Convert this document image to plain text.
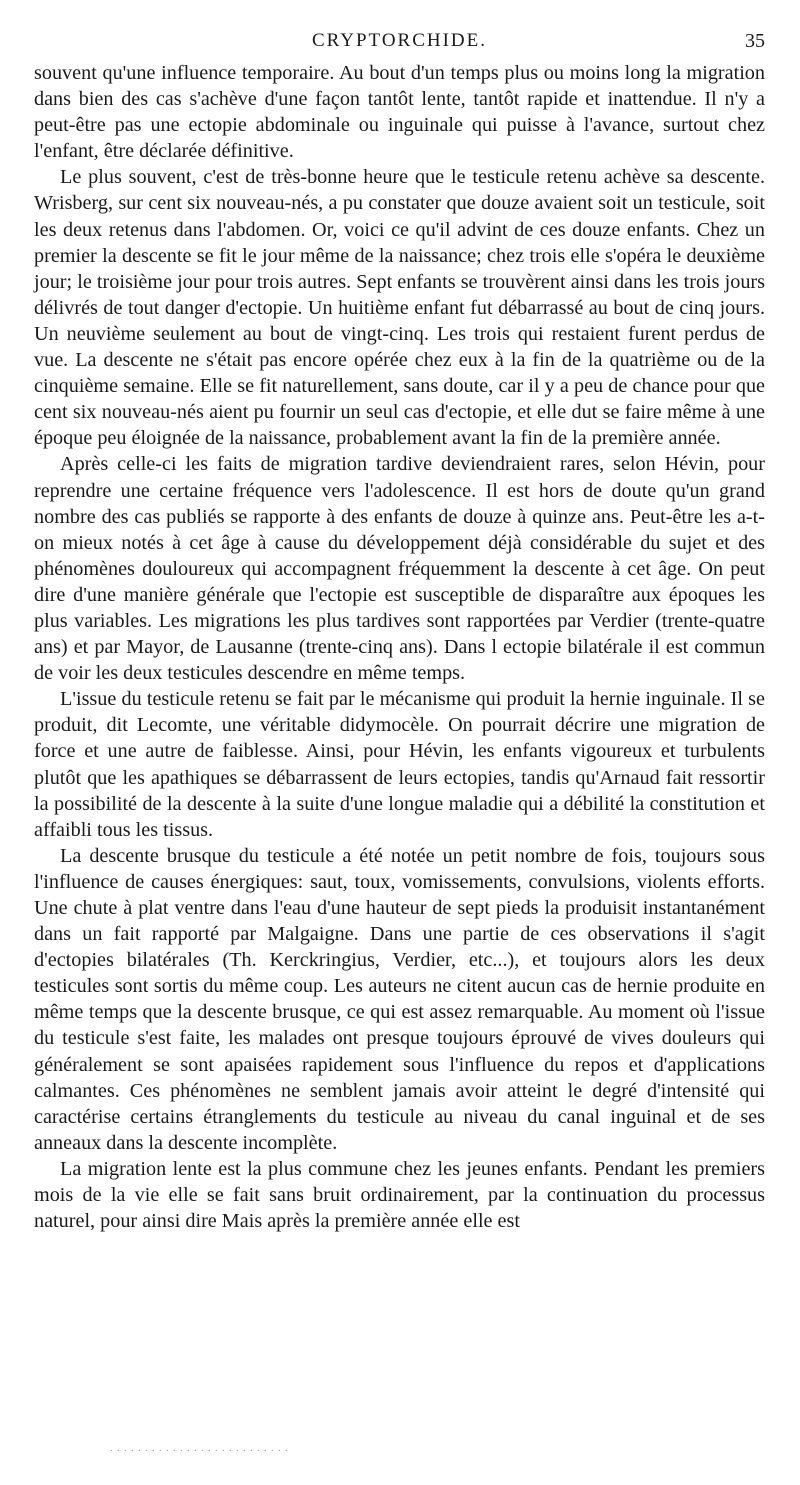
CRYPTORCHIDE.	35

souvent qu'une influence temporaire. Au bout d'un temps plus ou moins long la migration dans bien des cas s'achève d'une façon tantôt lente, tantôt rapide et inattendue. Il n'y a peut-être pas une ectopie abdominale ou inguinale qui puisse à l'avance, surtout chez l'enfant, être déclarée définitive.

Le plus souvent, c'est de très-bonne heure que le testicule retenu achève sa descente. Wrisberg, sur cent six nouveau-nés, a pu constater que douze avaient soit un testicule, soit les deux retenus dans l'abdomen. Or, voici ce qu'il advint de ces douze enfants. Chez un premier la descente se fit le jour même de la naissance; chez trois elle s'opéra le deuxième jour; le troisième jour pour trois autres. Sept enfants se trouvèrent ainsi dans les trois jours délivrés de tout danger d'ectopie. Un huitième enfant fut débarrassé au bout de cinq jours. Un neuvième seulement au bout de vingt-cinq. Les trois qui restaient furent perdus de vue. La descente ne s'était pas encore opérée chez eux à la fin de la quatrième ou de la cinquième semaine. Elle se fit naturellement, sans doute, car il y a peu de chance pour que cent six nouveau-nés aient pu fournir un seul cas d'ectopie, et elle dut se faire même à une époque peu éloignée de la naissance, probablement avant la fin de la première année.

Après celle-ci les faits de migration tardive deviendraient rares, selon Hévin, pour reprendre une certaine fréquence vers l'adolescence. Il est hors de doute qu'un grand nombre des cas publiés se rapporte à des enfants de douze à quinze ans. Peut-être les a-t-on mieux notés à cet âge à cause du développement déjà considérable du sujet et des phénomènes douloureux qui accompagnent fréquemment la descente à cet âge. On peut dire d'une manière générale que l'ectopie est susceptible de disparaître aux époques les plus variables. Les migrations les plus tardives sont rapportées par Verdier (trente-quatre ans) et par Mayor, de Lausanne (trente-cinq ans). Dans l ectopie bilatérale il est commun de voir les deux testicules descendre en même temps.

L'issue du testicule retenu se fait par le mécanisme qui produit la hernie inguinale. Il se produit, dit Lecomte, une véritable didymocèle. On pourrait décrire une migration de force et une autre de faiblesse. Ainsi, pour Hévin, les enfants vigoureux et turbulents plutôt que les apathiques se débarrassent de leurs ectopies, tandis qu'Arnaud fait ressortir la possibilité de la descente à la suite d'une longue maladie qui a débilité la constitution et affaibli tous les tissus.

La descente brusque du testicule a été notée un petit nombre de fois, toujours sous l'influence de causes énergiques: saut, toux, vomissements, convulsions, violents efforts. Une chute à plat ventre dans l'eau d'une hauteur de sept pieds la produisit instantanément dans un fait rapporté par Malgaigne. Dans une partie de ces observations il s'agit d'ectopies bilatérales (Th. Kerckringius, Verdier, etc...), et toujours alors les deux testicules sont sortis du même coup. Les auteurs ne citent aucun cas de hernie produite en même temps que la descente brusque, ce qui est assez remarquable. Au moment où l'issue du testicule s'est faite, les malades ont presque toujours éprouvé de vives douleurs qui généralement se sont apaisées rapidement sous l'influence du repos et d'applications calmantes. Ces phénomènes ne semblent jamais avoir atteint le degré d'intensité qui caractérise certains étranglements du testicule au niveau du canal inguinal et de ses anneaux dans la descente incomplète.

La migration lente est la plus commune chez les jeunes enfants. Pendant les premiers mois de la vie elle se fait sans bruit ordinairement, par la continuation du processus naturel, pour ainsi dire Mais après la première année elle est

. . . . . . . . . . . . . . . . . . . . . . . . . .
